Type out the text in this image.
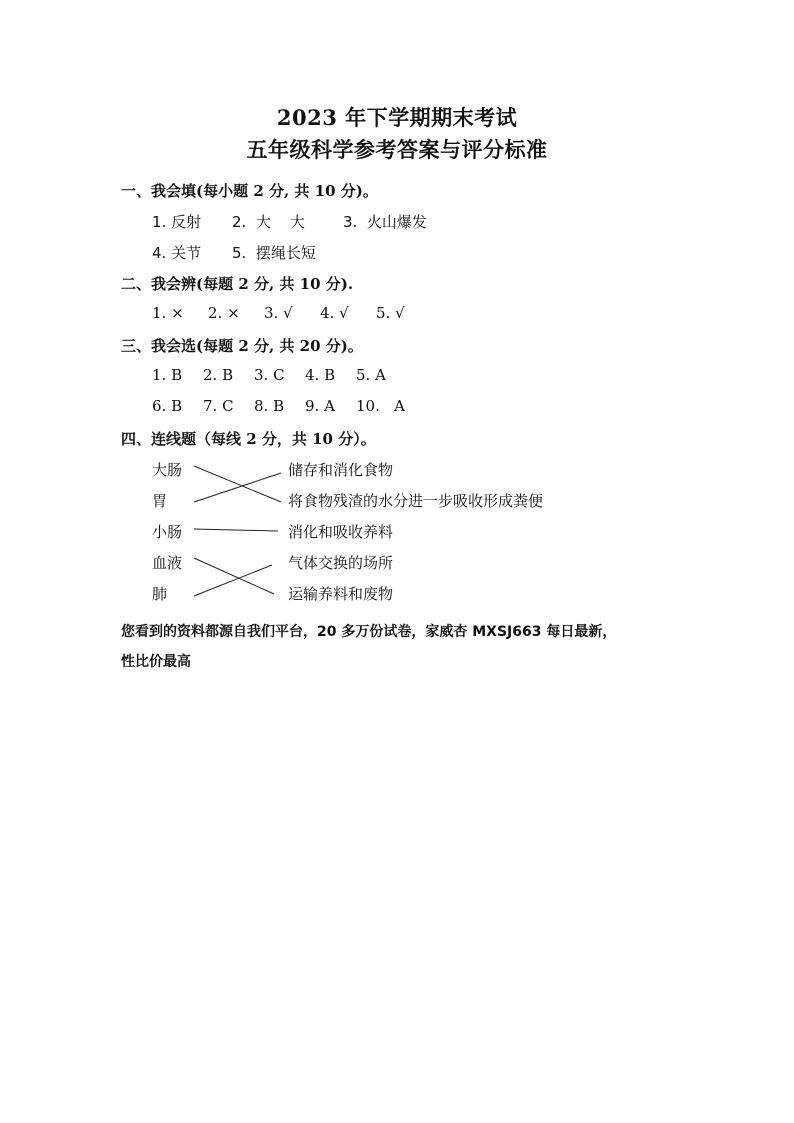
2023 年下学期期末考试
五年级科学参考答案与评分标准
一、我会填(每小题 2 分, 共 10 分)。
1. 反射 2.  大    大	3.  火山爆发
4. 关节 5.  摆绳长短
二、我会辨(每题 2 分, 共 10 分).
1. × 2. × 3. √ 4. √ 5. √
三、我会选(每题 2 分, 共 20 分)。
1. B 2. B 3. C 4. B 5. A
6. B 7. C 8. B 9. A 10.   A
四、连线题（每线 2 分，共 10 分）。
大肠
胃
小肠
血液
肺
储存和消化食物
将食物残渣的水分进一步吸收形成粪便
消化和吸收养料
气体交换的场所
运输养料和废物
您看到的资料都源自我们平台，20 多万份试卷，家威杏 MXSJ663 每日最新，
性比价最高
